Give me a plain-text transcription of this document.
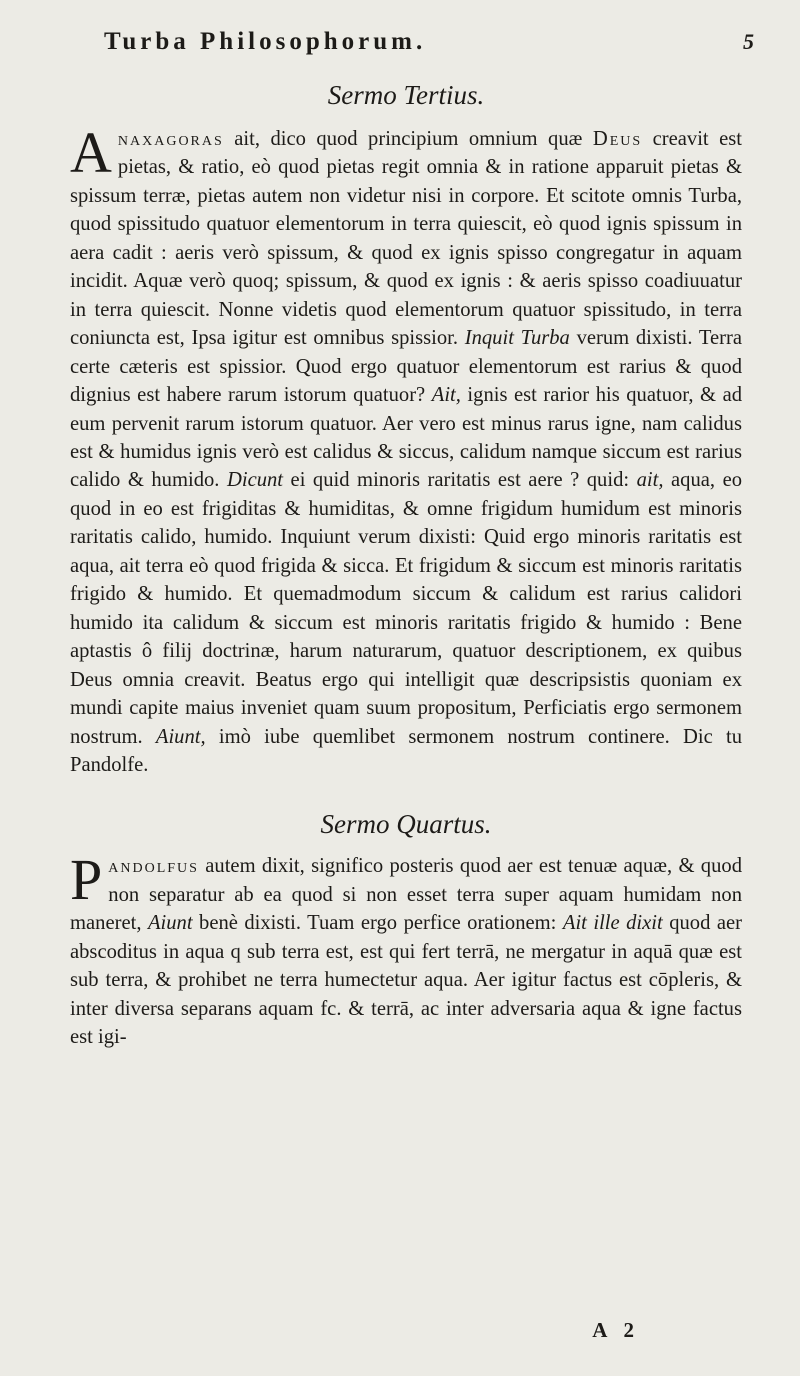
Turba Philosophorum.	5
Sermo Tertius.

Anaxagoras ait, dico quod principium omnium quæ Deus creavit est pietas, & ratio, eò quod pietas regit omnia & in ratione apparuit pietas & spissum terræ, pietas autem non videtur nisi in corpore. Et scitote omnis Turba, quod spissitudo quatuor elementorum in terra quiescit, eò quod ignis spissum in aera cadit : aeris verò spissum, & quod ex ignis spisso congregatur in aquam incidit. Aquæ verò quoq; spissum, & quod ex ignis : & aeris spisso coadiuuatur in terra quiescit. Nonne videtis quod elementorum quatuor spissitudo, in terra coniuncta est, Ipsa igitur est omnibus spissior. Inquit Turba verum dixisti. Terra certe cæteris est spissior. Quod ergo quatuor elementorum est rarius & quod dignius est habere rarum istorum quatuor? Ait, ignis est rarior his quatuor, & ad eum pervenit rarum istorum quatuor. Aer vero est minus rarus igne, nam calidus est & humidus ignis verò est calidus & siccus, calidum namque siccum est rarius calido & humido. Dicunt ei quid minoris raritatis est aere ? quid: ait, aqua, eo quod in eo est frigiditas & humiditas, & omne frigidum humidum est minoris raritatis calido, humido. Inquiunt verum dixisti: Quid ergo minoris raritatis est aqua, ait terra eò quod frigida & sicca. Et frigidum & siccum est minoris raritatis frigido & humido. Et quemadmodum siccum & calidum est rarius calidori humido ita calidum & siccum est minoris raritatis frigido & humido : Bene aptastis ô filij doctrinæ, harum naturarum, quatuor descriptionem, ex quibus Deus omnia creavit. Beatus ergo qui intelligit quæ descripsistis quoniam ex mundi capite maius inveniet quam suum propositum, Perficiatis ergo sermonem nostrum. Aiunt, imò iube quemlibet sermonem nostrum continere. Dic tu Pandolfe.

Sermo Quartus.

Pandolfus autem dixit, significo posteris quod aer est tenuæ aquæ, & quod non separatur ab ea quod si non esset terra super aquam humidam non maneret, Aiunt benè dixisti. Tuam ergo perfice orationem: Ait ille dixit quod aer abscoditus in aqua q sub terra est, est qui fert terrā, ne mergatur in aquā quæ est sub terra, & prohibet ne terra humectetur aqua. Aer igitur factus est cōpleris, & inter diversa separans aquam fc. & terrā, ac inter adversaria aqua & igne factus est igi-

A 2
